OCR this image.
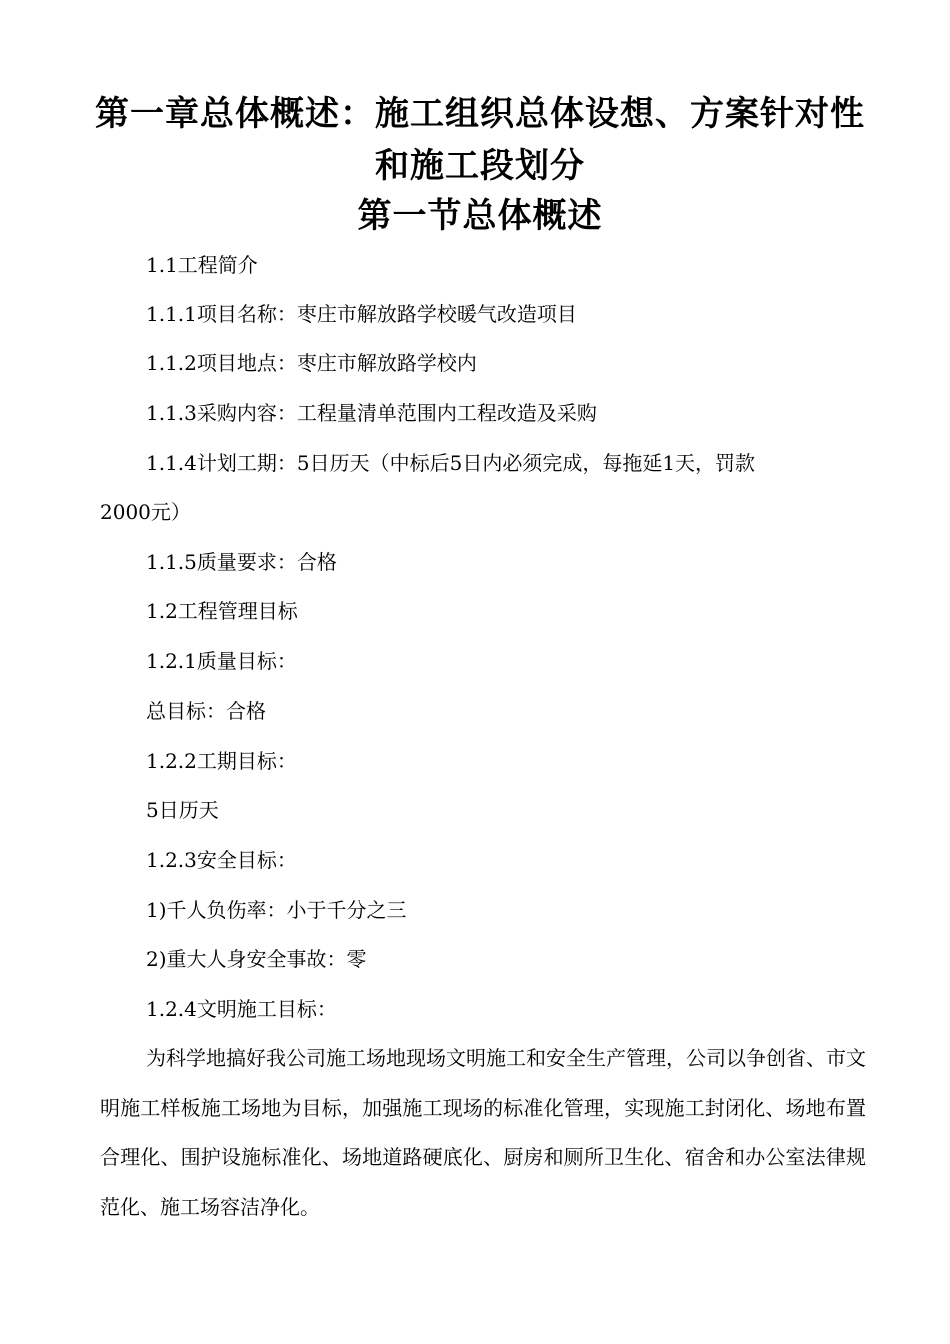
第一章总体概述：施工组织总体设想、方案针对性和施工段划分
第一节总体概述

1.1工程简介

1.1.1项目名称：枣庄市解放路学校暖气改造项目

1.1.2项目地点：枣庄市解放路学校内

1.1.3采购内容：工程量清单范围内工程改造及采购

1.1.4计划工期：5日历天（中标后5日内必须完成，每拖延1天，罚款

2000元）

1.1.5质量要求：合格

1.2工程管理目标

1.2.1质量目标：

总目标：合格

1.2.2工期目标：

5日历天

1.2.3安全目标：

1)千人负伤率：小于千分之三

2)重大人身安全事故：零

1.2.4文明施工目标：

为科学地搞好我公司施工场地现场文明施工和安全生产管理，公司以争创省、市文明施工样板施工场地为目标，加强施工现场的标准化管理，实现施工封闭化、场地布置合理化、围护设施标准化、场地道路硬底化、厨房和厕所卫生化、宿舍和办公室法律规范化、施工场容洁净化。
